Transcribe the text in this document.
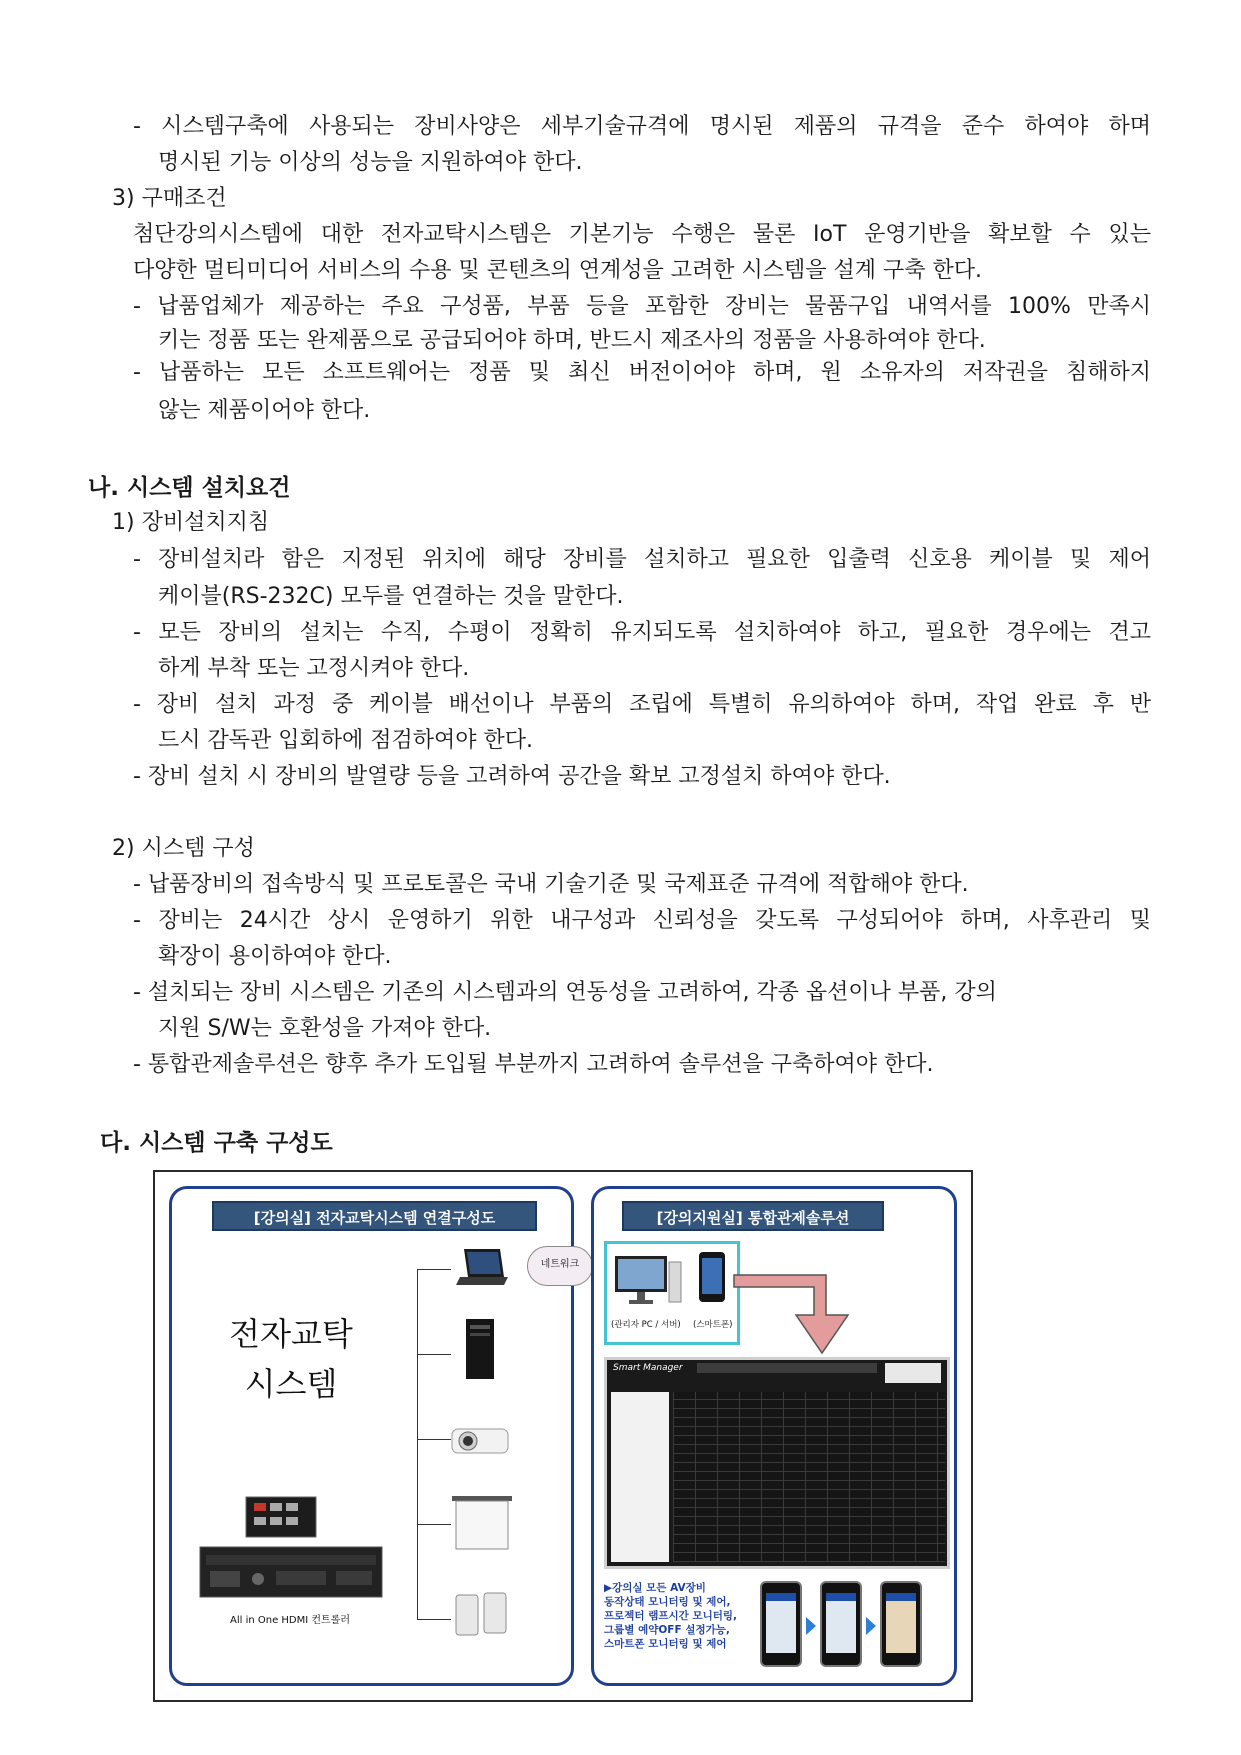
- 시스템구축에 사용되는 장비사양은 세부기술규격에 명시된 제품의 규격을 준수 하여야 하며
명시된 기능 이상의 성능을 지원하여야 한다.
3) 구매조건
첨단강의시스템에 대한 전자교탁시스템은 기본기능 수행은 물론 IoT 운영기반을 확보할 수 있는
다양한 멀티미디어 서비스의 수용 및 콘텐츠의 연계성을 고려한 시스템을 설계 구축 한다.
- 납품업체가 제공하는 주요 구성품, 부품 등을 포함한 장비는 물품구입 내역서를 100% 만족시
키는 정품 또는 완제품으로 공급되어야 하며, 반드시 제조사의 정품을 사용하여야 한다.
- 납품하는 모든 소프트웨어는 정품 및 최신 버전이어야 하며, 원 소유자의 저작권을 침해하지
않는 제품이어야 한다.
나. 시스템 설치요건
1) 장비설치지침
- 장비설치라 함은 지정된 위치에 해당 장비를 설치하고 필요한 입출력 신호용 케이블 및 제어
케이블(RS-232C) 모두를 연결하는 것을 말한다.
- 모든 장비의 설치는 수직, 수평이 정확히 유지되도록 설치하여야 하고, 필요한 경우에는 견고
하게 부착 또는 고정시켜야 한다.
- 장비 설치 과정 중 케이블 배선이나 부품의 조립에 특별히 유의하여야 하며, 작업 완료 후 반
드시 감독관 입회하에 점검하여야 한다.
- 장비 설치 시 장비의 발열량 등을 고려하여 공간을 확보 고정설치 하여야 한다.
2) 시스템 구성
- 납품장비의 접속방식 및 프로토콜은 국내 기술기준 및 국제표준 규격에 적합해야 한다.
- 장비는 24시간 상시 운영하기 위한 내구성과 신뢰성을 갖도록 구성되어야 하며, 사후관리 및
확장이 용이하여야 한다.
- 설치되는 장비 시스템은 기존의 시스템과의 연동성을 고려하여, 각종 옵션이나 부품, 강의
지원 S/W는 호환성을 가져야 한다.
- 통합관제솔루션은 향후 추가 도입될 부분까지 고려하여 솔루션을 구축하여야 한다.
다. 시스템 구축 구성도
[강의실] 전자교탁시스템 연결구성도
전자교탁
시스템
All in One HDMI 컨트롤러
네트워크
[강의지원실] 통합관제솔루션
(관리자 PC / 서버) (스마트폰)
Smart Manager
▶강의실 모든 AV장비
동작상태 모니터링 및 제어,
프로젝터 램프시간 모니터링,
그룹별 예약OFF 설정가능,
스마트폰 모니터링 및 제어
